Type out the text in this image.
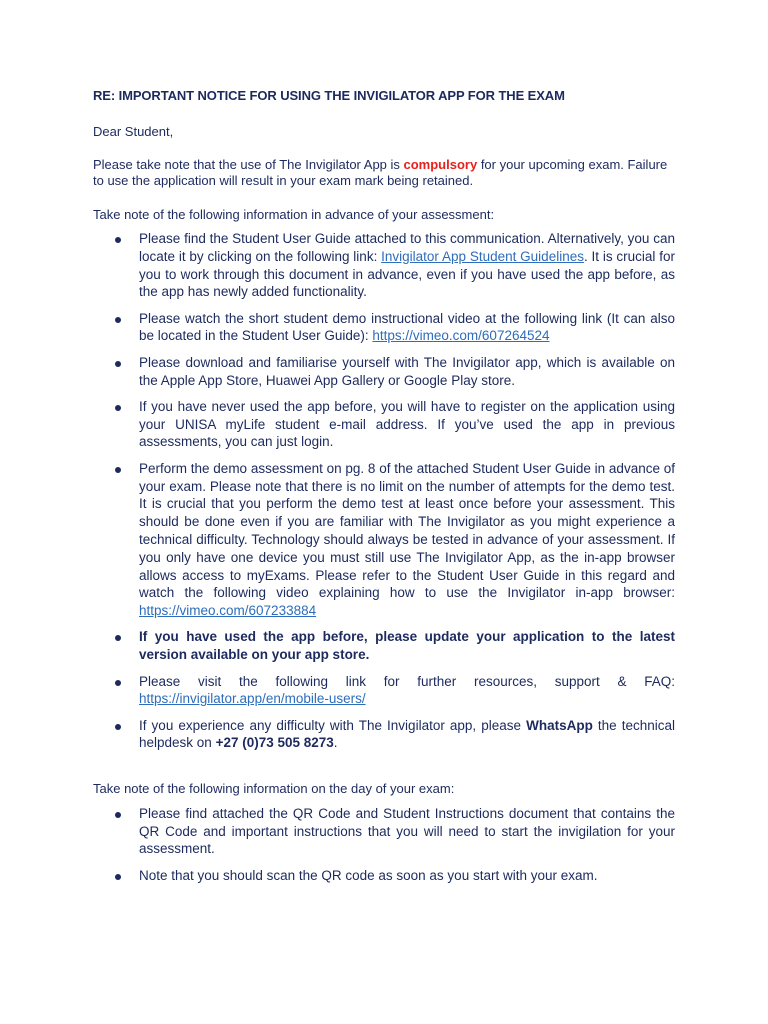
RE: IMPORTANT NOTICE FOR USING THE INVIGILATOR APP FOR THE EXAM

Dear Student,

Please take note that the use of The Invigilator App is compulsory for your upcoming exam. Failure to use the application will result in your exam mark being retained.

Take note of the following information in advance of your assessment:

Please find the Student User Guide attached to this communication. Alternatively, you can locate it by clicking on the following link: Invigilator App Student Guidelines. It is crucial for you to work through this document in advance, even if you have used the app before, as the app has newly added functionality.
Please watch the short student demo instructional video at the following link (It can also be located in the Student User Guide): https://vimeo.com/607264524
Please download and familiarise yourself with The Invigilator app, which is available on the Apple App Store, Huawei App Gallery or Google Play store.
If you have never used the app before, you will have to register on the application using your UNISA myLife student e-mail address. If you’ve used the app in previous assessments, you can just login.
Perform the demo assessment on pg. 8 of the attached Student User Guide in advance of your exam. Please note that there is no limit on the number of attempts for the demo test. It is crucial that you perform the demo test at least once before your assessment. This should be done even if you are familiar with The Invigilator as you might experience a technical difficulty. Technology should always be tested in advance of your assessment. If you only have one device you must still use The Invigilator App, as the in-app browser allows access to myExams. Please refer to the Student User Guide in this regard and watch the following video explaining how to use the Invigilator in-app browser: https://vimeo.com/607233884
If you have used the app before, please update your application to the latest version available on your app store.
Please visit the following link for further resources, support & FAQ: https://invigilator.app/en/mobile-users/
If you experience any difficulty with The Invigilator app, please WhatsApp the technical helpdesk on +27 (0)73 505 8273.

Take note of the following information on the day of your exam:

Please find attached the QR Code and Student Instructions document that contains the QR Code and important instructions that you will need to start the invigilation for your assessment.
Note that you should scan the QR code as soon as you start with your exam.
